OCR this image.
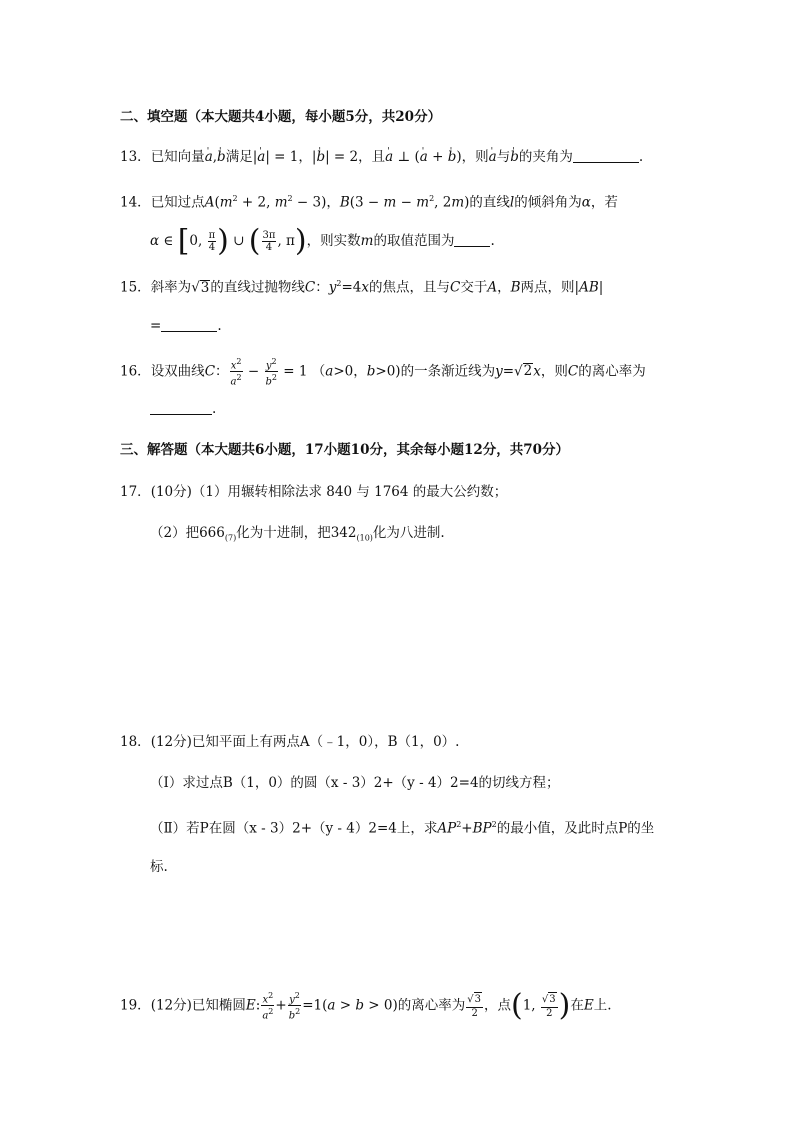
二、填空题（本大题共4小题，每小题5分，共20分）
13．已知向量' a,' b满足|' a| = 1，|' b| = 2，且' a ⊥ (' a + ' b)，则' a与' b的夹角为	.
14．已知过点$A(m^2 + 2$, $m^2 - 3$)，$B(3 - m - m^2$, 2m)的直线l的倾斜角为α，若
α ∈ [0, $\frac{\pi}{4}$ ) ∪ ( $\frac{3\pi}{4}$ , π)，则实数m的取值范围为	.
15．斜率为√3的直线过抛物线C：$y^2=4x$的焦点，且与C交于A，B两点，则|AB|
=	.
16．设双曲线C： $\frac{x^2}{a^2} - \frac{y^2}{b^2} = 1$ （a>0，b>0)的一条渐近线为y=√2x，则C的离心率为
.
三、解答题（本大题共6小题，17小题10分，其余每小题12分，共70分）
17．(10分)（1）用辗转相除法求 840 与 1764 的最大公约数；
（2）把$666_{(7)}$化为十进制，把$342_{(10)}$化为八进制.
18．(12分)已知平面上有两点A（﹣1，0），B（1，0）.
（Ⅰ）求过点B（1，0）的圆（x - 3）2+（y - 4）2=4的切线方程；
（Ⅱ）若P在圆（x - 3）2+（y - 4）2=4上，求$AP^2+BP^2$的最小值，及此时点P的坐
标.
19．(12分)已知椭圆E: $\frac{x^2}{a^2} + \frac{y^2}{b^2} =1(a > b > 0)$的离心率为 $\frac{√3}{2}$ ，点(1, $\frac{√3}{2}$ )在E上.
